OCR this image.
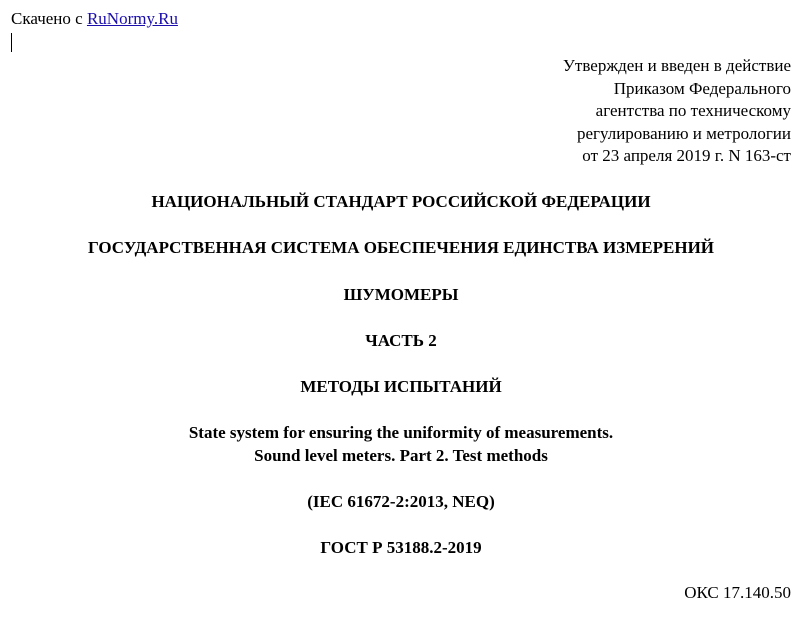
Скачено с RuNormy.Ru
Утвержден и введен в действие
Приказом Федерального
агентства по техническому
регулированию и метрологии
от 23 апреля 2019 г. N 163-ст
НАЦИОНАЛЬНЫЙ СТАНДАРТ РОССИЙСКОЙ ФЕДЕРАЦИИ
ГОСУДАРСТВЕННАЯ СИСТЕМА ОБЕСПЕЧЕНИЯ ЕДИНСТВА ИЗМЕРЕНИЙ
ШУМОМЕРЫ
ЧАСТЬ 2
МЕТОДЫ ИСПЫТАНИЙ
State system for ensuring the uniformity of measurements.
Sound level meters. Part 2. Test methods
(IEC 61672-2:2013, NEQ)
ГОСТ Р 53188.2-2019
ОКС 17.140.50
